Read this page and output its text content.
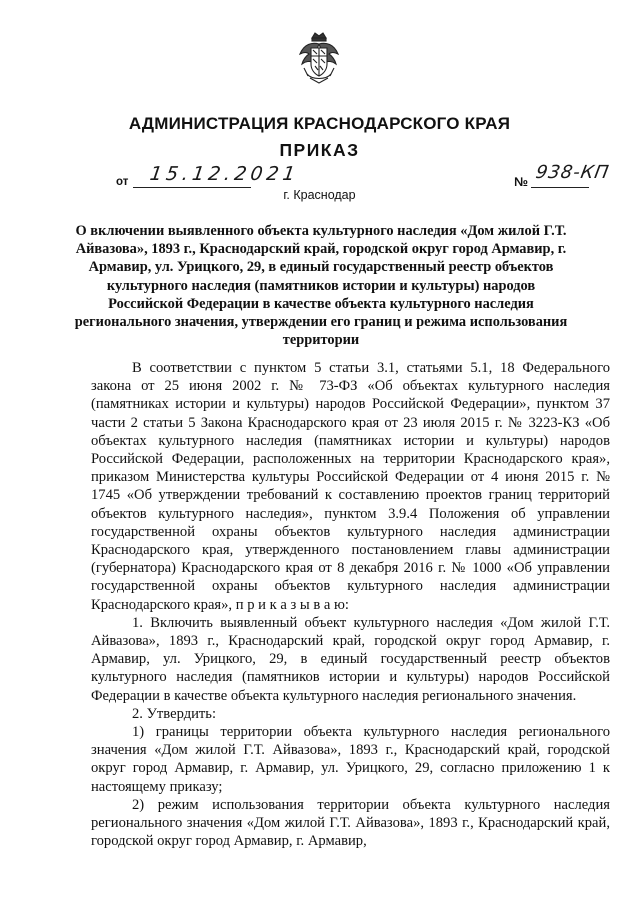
АДМИНИСТРАЦИЯ КРАСНОДАРСКОГО КРАЯ
ПРИКАЗ
от 15.12.2021	№ 938-КП
г. Краснодар
О включении выявленного объекта культурного наследия «Дом жилой Г.Т. Айвазова», 1893 г., Краснодарский край, городской округ город Армавир, г. Армавир, ул. Урицкого, 29, в единый государственный реестр объектов культурного наследия (памятников истории и культуры) народов Российской Федерации в качестве объекта культурного наследия регионального значения, утверждении его границ и режима использования территории

В соответствии с пунктом 5 статьи 3.1, статьями 5.1, 18 Федерального закона от 25 июня 2002 г. № 73-ФЗ «Об объектах культурного наследия (памятниках истории и культуры) народов Российской Федерации», пунктом 37 части 2 статьи 5 Закона Краснодарского края от 23 июля 2015 г. № 3223-КЗ «Об объектах культурного наследия (памятниках истории и культуры) народов Российской Федерации, расположенных на территории Краснодарского края», приказом Министерства культуры Российской Федерации от 4 июня 2015 г. № 1745 «Об утверждении требований к составлению проектов границ территорий объектов культурного наследия», пунктом 3.9.4 Положения об управлении государственной охраны объектов культурного наследия администрации Краснодарского края, утвержденного постановлением главы администрации (губернатора) Краснодарского края от 8 декабря 2016 г. № 1000 «Об управлении государственной охраны объектов культурного наследия администрации Краснодарского края», п р и к а з ы в а ю:

1. Включить выявленный объект культурного наследия «Дом жилой Г.Т. Айвазова», 1893 г., Краснодарский край, городской округ город Армавир, г. Армавир, ул. Урицкого, 29, в единый государственный реестр объектов культурного наследия (памятников истории и культуры) народов Российской Федерации в качестве объекта культурного наследия регионального значения.

2. Утвердить:

1) границы территории объекта культурного наследия регионального значения «Дом жилой Г.Т. Айвазова», 1893 г., Краснодарский край, городской округ город Армавир, г. Армавир, ул. Урицкого, 29, согласно приложению 1 к настоящему приказу;

2) режим использования территории объекта культурного наследия регионального значения «Дом жилой Г.Т. Айвазова», 1893 г., Краснодарский край, городской округ город Армавир, г. Армавир,
